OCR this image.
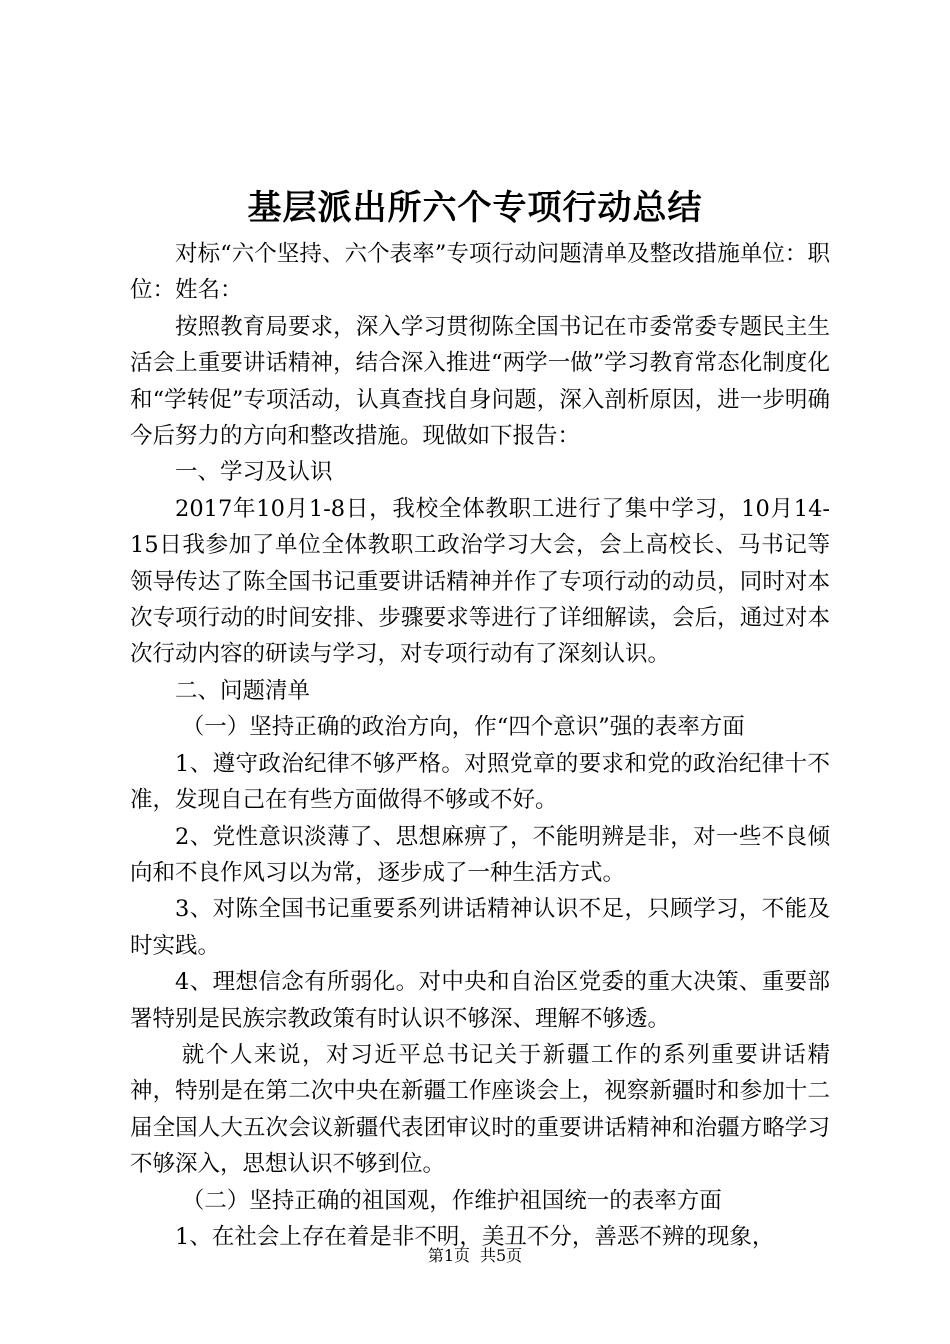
基层派出所六个专项行动总结

对标“六个坚持、六个表率”专项行动问题清单及整改措施单位：职位：姓名：

按照教育局要求，深入学习贯彻陈全国书记在市委常委专题民主生活会上重要讲话精神，结合深入推进“两学一做”学习教育常态化制度化和“学转促”专项活动，认真查找自身问题，深入剖析原因，进一步明确今后努力的方向和整改措施。现做如下报告：

一、学习及认识

2017年10月1-8日，我校全体教职工进行了集中学习，10月14-15日我参加了单位全体教职工政治学习大会，会上高校长、马书记等领导传达了陈全国书记重要讲话精神并作了专项行动的动员，同时对本次专项行动的时间安排、步骤要求等进行了详细解读，会后，通过对本次行动内容的研读与学习，对专项行动有了深刻认识。

二、问题清单

（一）坚持正确的政治方向，作“四个意识”强的表率方面

1、遵守政治纪律不够严格。对照党章的要求和党的政治纪律十不准，发现自己在有些方面做得不够或不好。

2、党性意识淡薄了、思想麻痹了，不能明辨是非，对一些不良倾向和不良作风习以为常，逐步成了一种生活方式。

3、对陈全国书记重要系列讲话精神认识不足，只顾学习，不能及时实践。

4、理想信念有所弱化。对中央和自治区党委的重大决策、重要部署特别是民族宗教政策有时认识不够深、理解不够透。

就个人来说，对习近平总书记关于新疆工作的系列重要讲话精神，特别是在第二次中央在新疆工作座谈会上，视察新疆时和参加十二届全国人大五次会议新疆代表团审议时的重要讲话精神和治疆方略学习不够深入，思想认识不够到位。

（二）坚持正确的祖国观，作维护祖国统一的表率方面

1、在社会上存在着是非不明，美丑不分，善恶不辨的现象，

第1页 共5页
